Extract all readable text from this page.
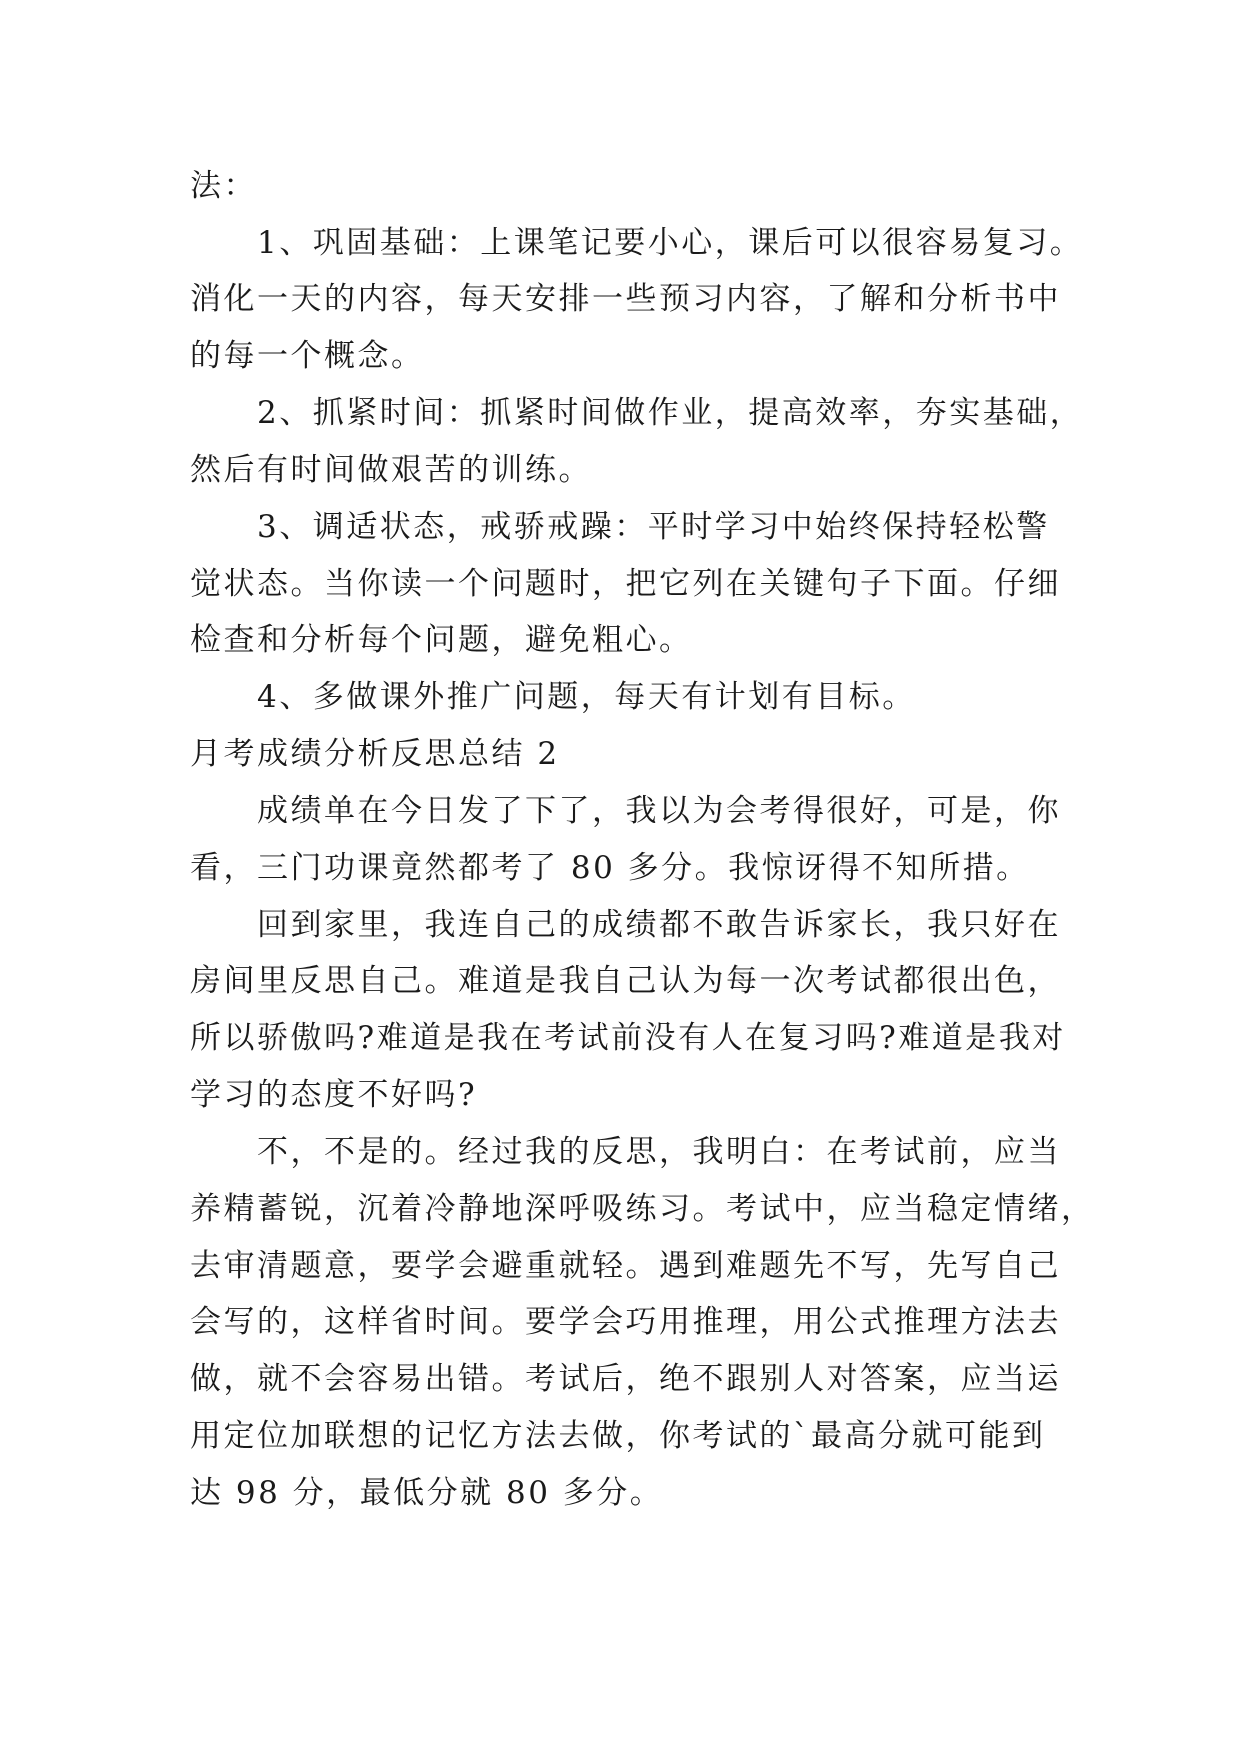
法：
1、巩固基础：上课笔记要小心，课后可以很容易复习。
消化一天的内容，每天安排一些预习内容，了解和分析书中
的每一个概念。
2、抓紧时间：抓紧时间做作业，提高效率，夯实基础，
然后有时间做艰苦的训练。
3、调适状态，戒骄戒躁：平时学习中始终保持轻松警
觉状态。当你读一个问题时，把它列在关键句子下面。仔细
检查和分析每个问题，避免粗心。
4、多做课外推广问题，每天有计划有目标。
月考成绩分析反思总结 2
成绩单在今日发了下了，我以为会考得很好，可是，你
看，三门功课竟然都考了 80 多分。我惊讶得不知所措。
回到家里，我连自己的成绩都不敢告诉家长，我只好在
房间里反思自己。难道是我自己认为每一次考试都很出色，
所以骄傲吗?难道是我在考试前没有人在复习吗?难道是我对
学习的态度不好吗?
不，不是的。经过我的反思，我明白：在考试前，应当
养精蓄锐，沉着冷静地深呼吸练习。考试中，应当稳定情绪，
去审清题意，要学会避重就轻。遇到难题先不写，先写自己
会写的，这样省时间。要学会巧用推理，用公式推理方法去
做，就不会容易出错。考试后，绝不跟别人对答案，应当运
用定位加联想的记忆方法去做，你考试的`最高分就可能到
达 98 分，最低分就 80 多分。
